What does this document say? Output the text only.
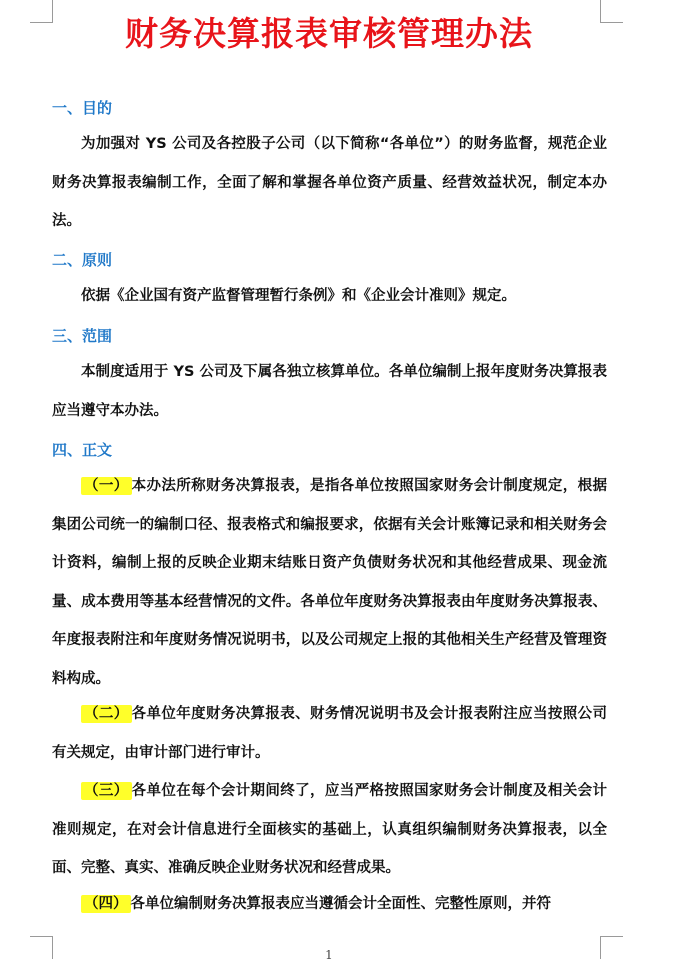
财务决算报表审核管理办法
一、目的
为加强对 YS 公司及各控股子公司（以下简称“各单位”）的财务监督，规范企业财务决算报表编制工作，全面了解和掌握各单位资产质量、经营效益状况，制定本办法。
二、原则
依据《企业国有资产监督管理暂行条例》和《企业会计准则》规定。
三、范围
本制度适用于 YS 公司及下属各独立核算单位。各单位编制上报年度财务决算报表应当遵守本办法。
四、正文
（一） 本办法所称财务决算报表，是指各单位按照国家财务会计制度规定，根据集团公司统一的编制口径、报表格式和编报要求，依据有关会计账簿记录和相关财务会计资料，编制上报的反映企业期末结账日资产负债财务状况和其他经营成果、现金流量、成本费用等基本经营情况的文件。各单位年度财务决算报表由年度财务决算报表、年度报表附注和年度财务情况说明书，以及公司规定上报的其他相关生产经营及管理资料构成。
（二） 各单位年度财务决算报表、财务情况说明书及会计报表附注应当按照公司有关规定，由审计部门进行审计。
（三） 各单位在每个会计期间终了，应当严格按照国家财务会计制度及相关会计准则规定，在对会计信息进行全面核实的基础上，认真组织编制财务决算报表，以全面、完整、真实、准确反映企业财务状况和经营成果。
（四） 各单位编制财务决算报表应当遵循会计全面性、完整性原则，并符
1
